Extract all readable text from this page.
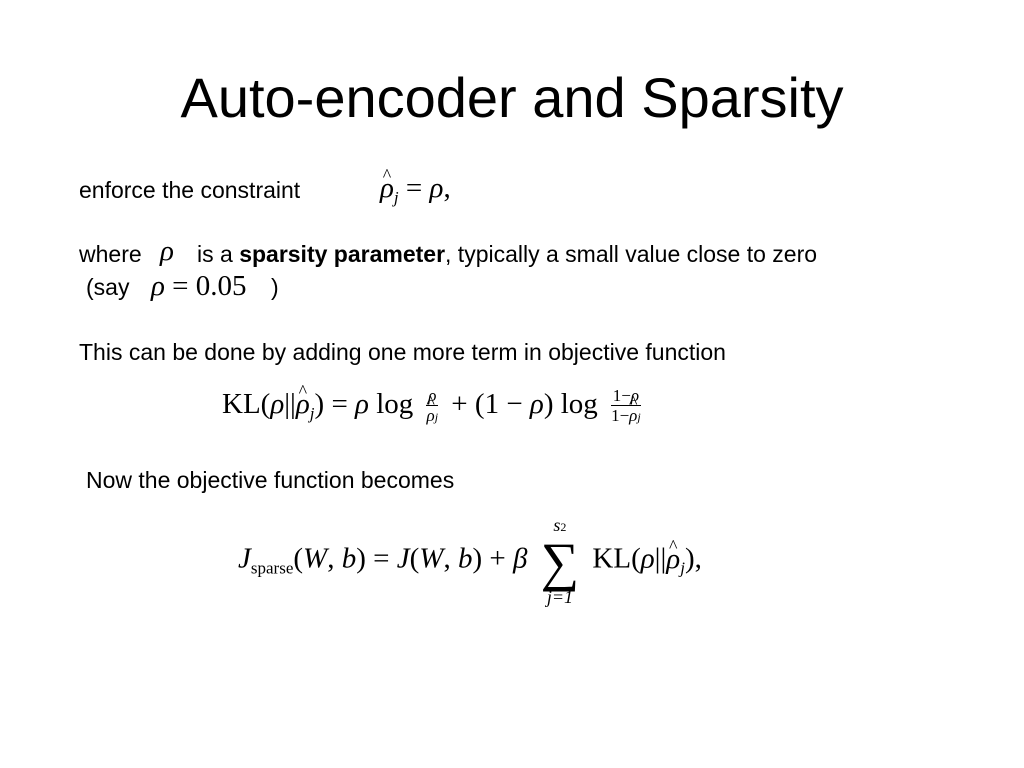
Auto-encoder and Sparsity
enforce the constraint
^	$\rho_j = \rho$,
where ρ is a sparsity parameter, typically a small value close to zero
(say ρ = 0.05 )
This can be done by adding one more term in objective function
KL(ρ||^ $\rho_j) = \rho$ log ρ
^ ρj + (1 − ρ) $\log \frac{1-\rho}{1-\^{} \rho j}$
Now the objective function becomes
$J_{sparse}(W$, b) = J(W, b) + β
s2
∑
j=1
KL(ρ||^ $\rho_j$),
